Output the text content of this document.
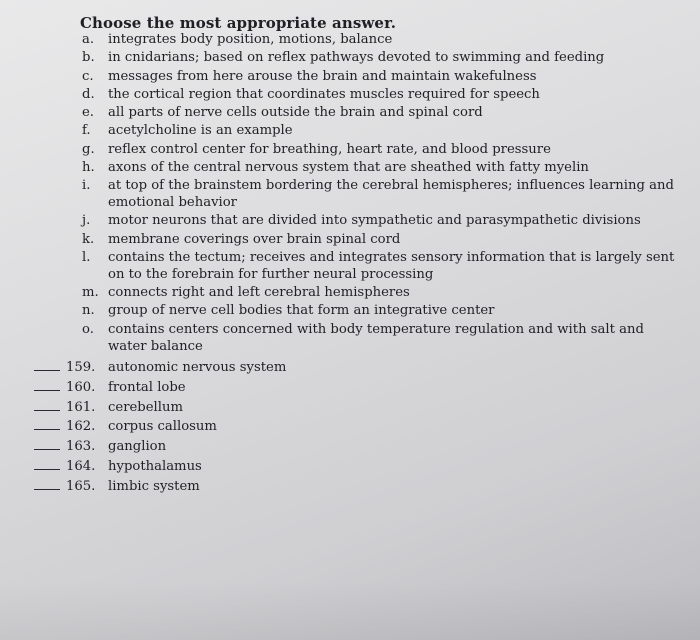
Choose the most appropriate answer.
a.	integrates body position, motions, balance
b.	in cnidarians; based on reflex pathways devoted to swimming and feeding
c.	messages from here arouse the brain and maintain wakefulness
d.	the cortical region that coordinates muscles required for speech
e.	all parts of nerve cells outside the brain and spinal cord
f.	acetylcholine is an example
g.	reflex control center for breathing, heart rate, and blood pressure
h.	axons of the central nervous system that are sheathed with fatty myelin
i.	at top of the brainstem bordering the cerebral hemispheres; influences learning and emotional behavior
j.	motor neurons that are divided into sympathetic and parasympathetic divisions
k.	membrane coverings over brain spinal cord
l.	contains the tectum; receives and integrates sensory information that is largely sent on to the forebrain for further neural processing
m. connects right and left cerebral hemispheres
n.	group of nerve cell bodies that form an integrative center
o.	contains centers concerned with body temperature regulation and with salt and water balance
159. autonomic nervous system
160. frontal lobe
161. cerebellum
162. corpus callosum
163. ganglion
164. hypothalamus
165. limbic system
